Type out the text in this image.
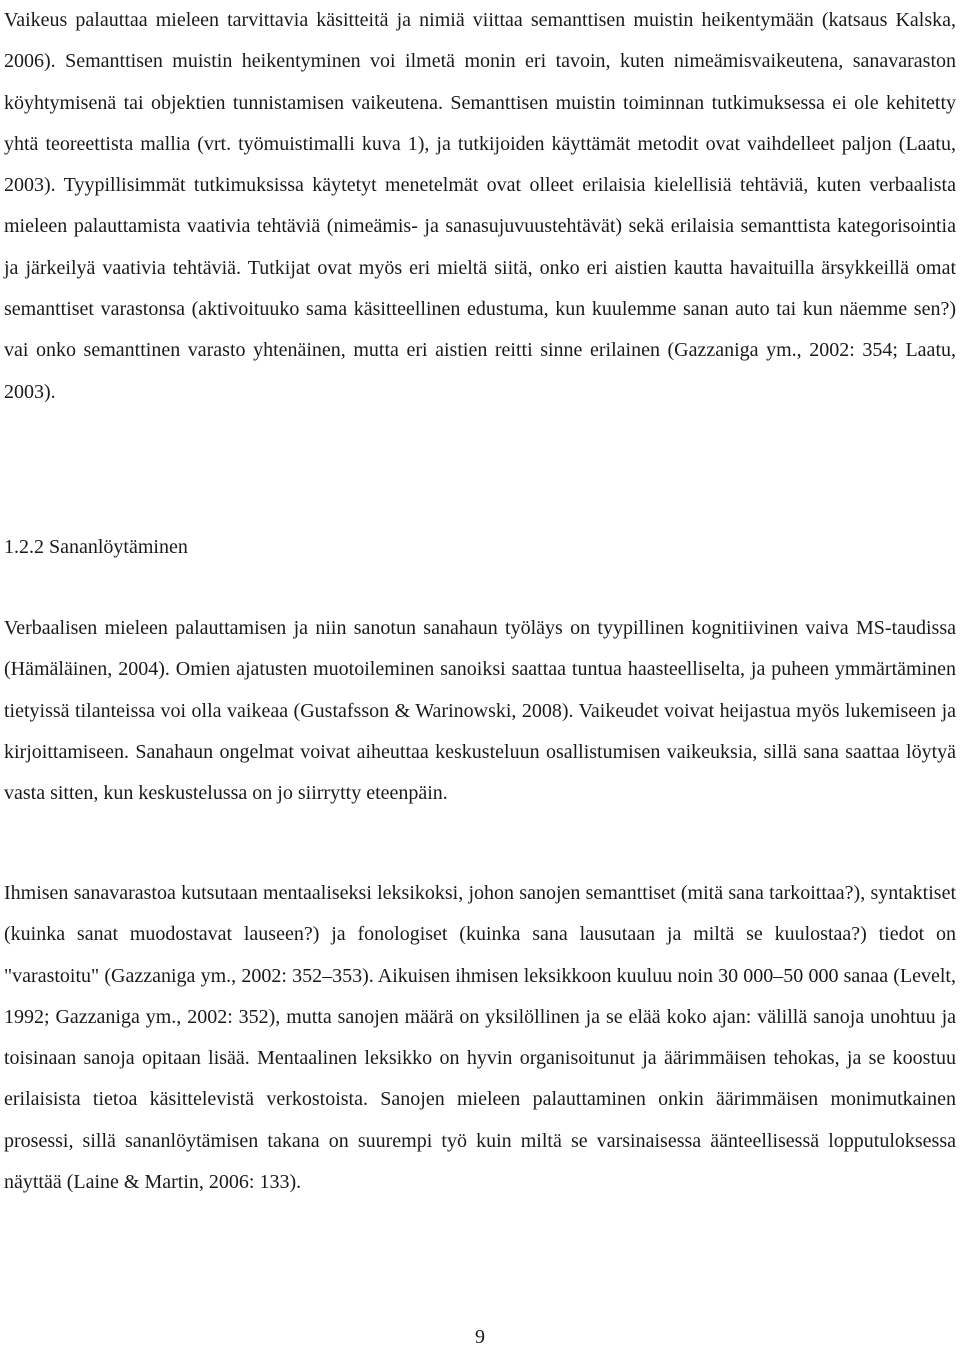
Vaikeus palauttaa mieleen tarvittavia käsitteitä ja nimiä viittaa semanttisen muistin heikentymään (katsaus Kalska, 2006). Semanttisen muistin heikentyminen voi ilmetä monin eri tavoin, kuten nimeämisvaikeutena, sanavaraston köyhtymisenä tai objektien tunnistamisen vaikeutena. Semanttisen muistin toiminnan tutkimuksessa ei ole kehitetty yhtä teoreettista mallia (vrt. työmuistimalli kuva 1), ja tutkijoiden käyttämät metodit ovat vaihdelleet paljon (Laatu, 2003). Tyypillisimmät tutkimuksissa käytetyt menetelmät ovat olleet erilaisia kielellisiä tehtäviä, kuten verbaalista mieleen palauttamista vaativia tehtäviä (nimeämis- ja sanasujuvuustehtävät) sekä erilaisia semanttista kategorisointia ja järkeilyä vaativia tehtäviä. Tutkijat ovat myös eri mieltä siitä, onko eri aistien kautta havaituilla ärsykkeillä omat semanttiset varastonsa (aktivoituuko sama käsitteellinen edustuma, kun kuulemme sanan auto tai kun näemme sen?) vai onko semanttinen varasto yhtenäinen, mutta eri aistien reitti sinne erilainen (Gazzaniga ym., 2002: 354; Laatu, 2003).

1.2.2 Sananlöytäminen

Verbaalisen mieleen palauttamisen ja niin sanotun sanahaun työläys on tyypillinen kognitiivinen vaiva MS-taudissa (Hämäläinen, 2004). Omien ajatusten muotoileminen sanoiksi saattaa tuntua haasteelliselta, ja puheen ymmärtäminen tietyissä tilanteissa voi olla vaikeaa (Gustafsson & Warinowski, 2008). Vaikeudet voivat heijastua myös lukemiseen ja kirjoittamiseen. Sanahaun ongelmat voivat aiheuttaa keskusteluun osallistumisen vaikeuksia, sillä sana saattaa löytyä vasta sitten, kun keskustelussa on jo siirrytty eteenpäin.

Ihmisen sanavarastoa kutsutaan mentaaliseksi leksikoksi, johon sanojen semanttiset (mitä sana tarkoittaa?), syntaktiset (kuinka sanat muodostavat lauseen?) ja fonologiset (kuinka sana lausutaan ja miltä se kuulostaa?) tiedot on "varastoitu" (Gazzaniga ym., 2002: 352–353). Aikuisen ihmisen leksikkoon kuuluu noin 30 000–50 000 sanaa (Levelt, 1992; Gazzaniga ym., 2002: 352), mutta sanojen määrä on yksilöllinen ja se elää koko ajan: välillä sanoja unohtuu ja toisinaan sanoja opitaan lisää. Mentaalinen leksikko on hyvin organisoitunut ja äärimmäisen tehokas, ja se koostuu erilaisista tietoa käsittelevistä verkostoista. Sanojen mieleen palauttaminen onkin äärimmäisen monimutkainen prosessi, sillä sananlöytämisen takana on suurempi työ kuin miltä se varsinaisessa äänteellisessä lopputuloksessa näyttää (Laine & Martin, 2006: 133).

9
